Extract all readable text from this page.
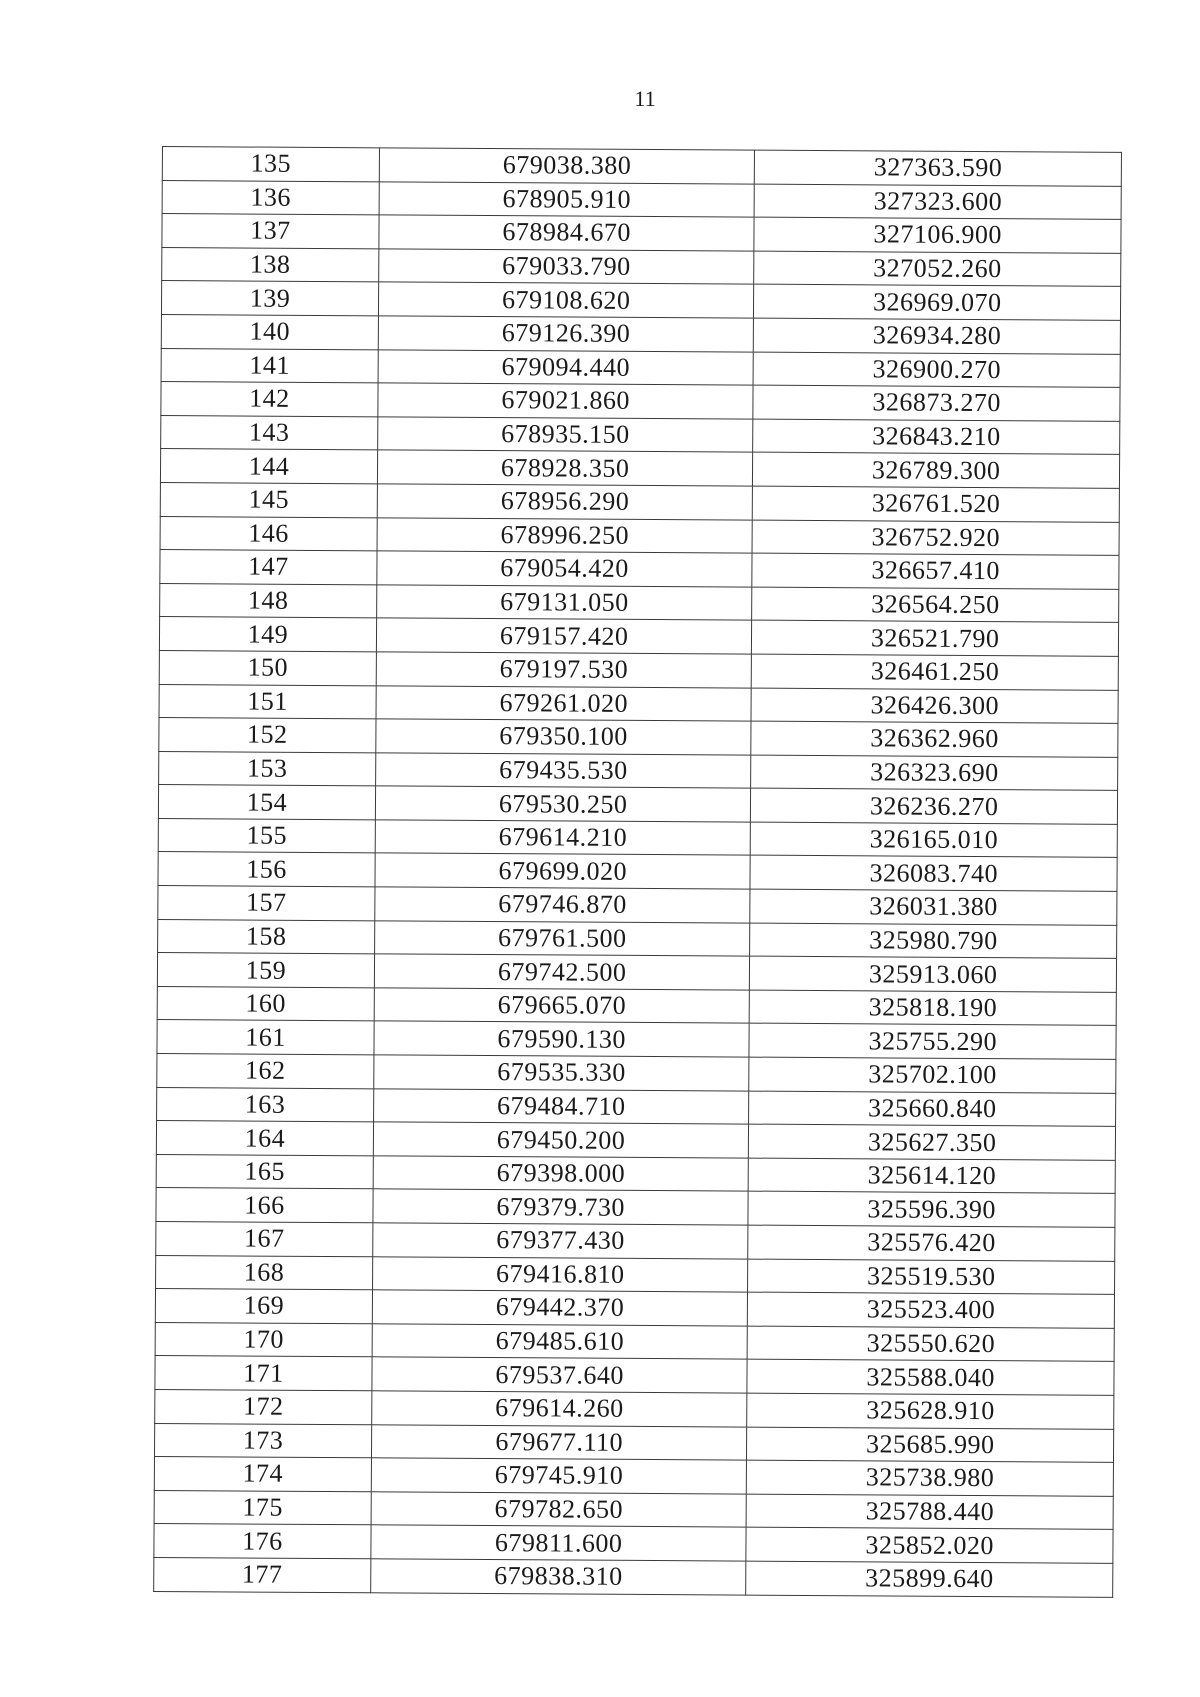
11
135	679038.380	327363.590
136	678905.910	327323.600
137	678984.670	327106.900
138	679033.790	327052.260
139	679108.620	326969.070
140	679126.390	326934.280
141	679094.440	326900.270
142	679021.860	326873.270
143	678935.150	326843.210
144	678928.350	326789.300
145	678956.290	326761.520
146	678996.250	326752.920
147	679054.420	326657.410
148	679131.050	326564.250
149	679157.420	326521.790
150	679197.530	326461.250
151	679261.020	326426.300
152	679350.100	326362.960
153	679435.530	326323.690
154	679530.250	326236.270
155	679614.210	326165.010
156	679699.020	326083.740
157	679746.870	326031.380
158	679761.500	325980.790
159	679742.500	325913.060
160	679665.070	325818.190
161	679590.130	325755.290
162	679535.330	325702.100
163	679484.710	325660.840
164	679450.200	325627.350
165	679398.000	325614.120
166	679379.730	325596.390
167	679377.430	325576.420
168	679416.810	325519.530
169	679442.370	325523.400
170	679485.610	325550.620
171	679537.640	325588.040
172	679614.260	325628.910
173	679677.110	325685.990
174	679745.910	325738.980
175	679782.650	325788.440
176	679811.600	325852.020
177	679838.310	325899.640
